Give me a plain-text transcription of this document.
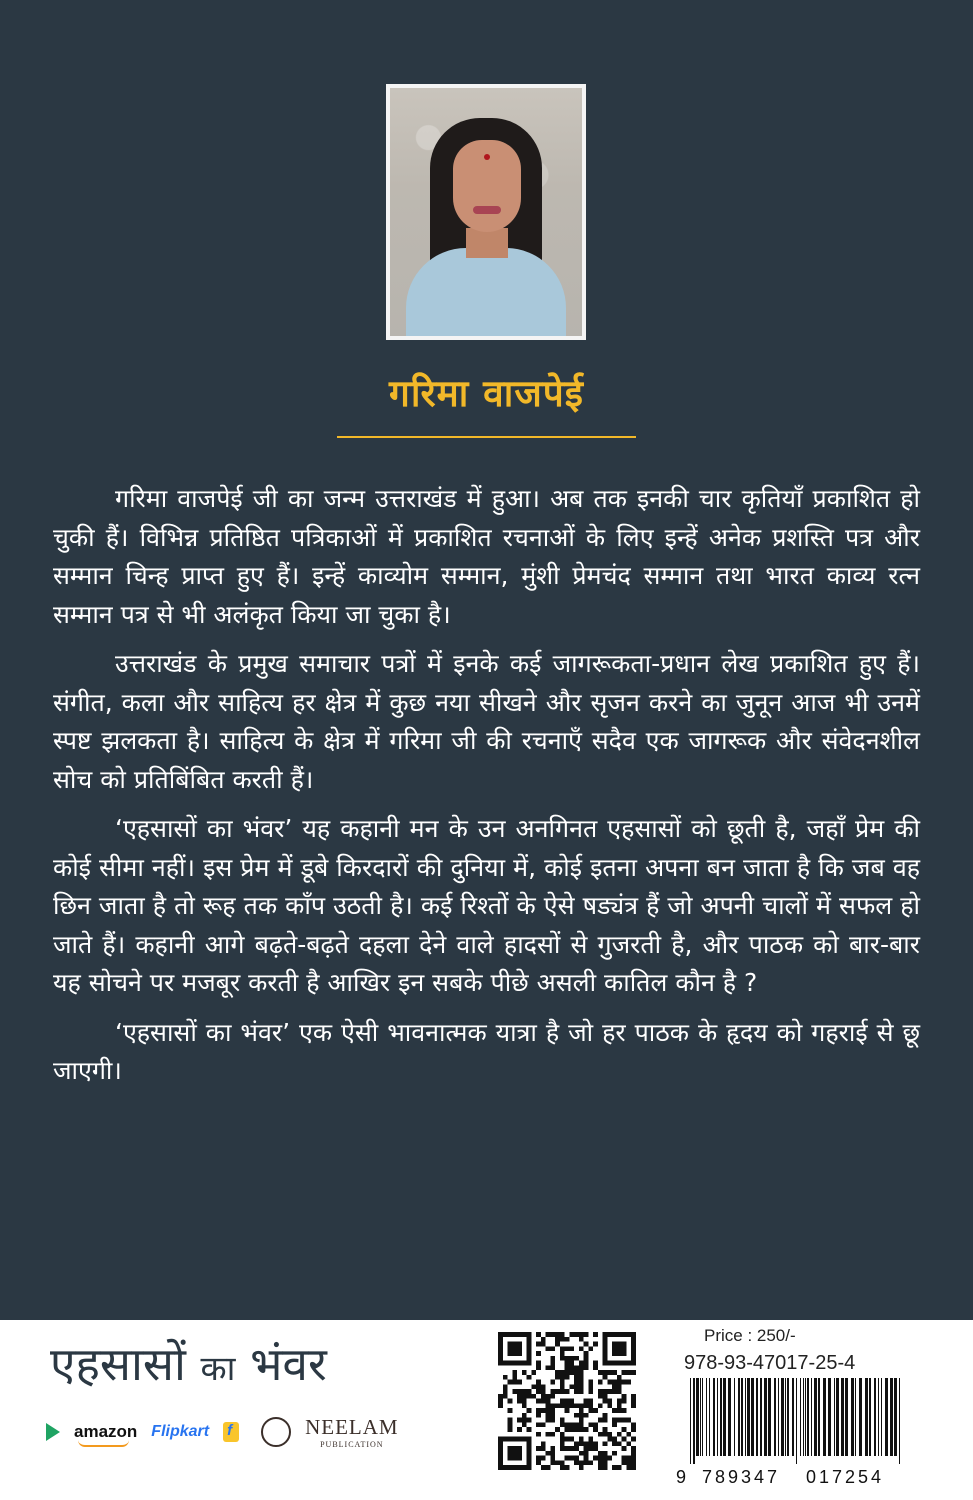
गरिमा वाजपेई

गरिमा वाजपेई जी का जन्म उत्तराखंड में हुआ। अब तक इनकी चार कृतियाँ प्रकाशित हो चुकी हैं। विभिन्न प्रतिष्ठित पत्रिकाओं में प्रकाशित रचनाओं के लिए इन्हें अनेक प्रशस्ति पत्र और सम्मान चिन्ह प्राप्त हुए हैं। इन्हें काव्योम सम्मान, मुंशी प्रेमचंद सम्मान तथा भारत काव्य रत्न सम्मान पत्र से भी अलंकृत किया जा चुका है।

उत्तराखंड के प्रमुख समाचार पत्रों में इनके कई जागरूकता-प्रधान लेख प्रकाशित हुए हैं। संगीत, कला और साहित्य हर क्षेत्र में कुछ नया सीखने और सृजन करने का जुनून आज भी उनमें स्पष्ट झलकता है। साहित्य के क्षेत्र में गरिमा जी की रचनाएँ सदैव एक जागरूक और संवेदनशील सोच को प्रतिबिंबित करती हैं।

‘एहसासों का भंवर’ यह कहानी मन के उन अनगिनत एहसासों को छूती है, जहाँ प्रेम की कोई सीमा नहीं। इस प्रेम में डूबे किरदारों की दुनिया में, कोई इतना अपना बन जाता है कि जब वह छिन जाता है तो रूह तक काँप उठती है। कई रिश्तों के ऐसे षड्यंत्र हैं जो अपनी चालों में सफल हो जाते हैं। कहानी आगे बढ़ते-बढ़ते दहला देने वाले हादसों से गुजरती है, और पाठक को बार-बार यह सोचने पर मजबूर करती है आखिर इन सबके पीछे असली कातिल कौन है ?

‘एहसासों का भंवर’ एक ऐसी भावनात्मक यात्रा है जो हर पाठक के हृदय को गहराई से छू जाएगी।

एहसासों का भंवर
amazon Flipkart
f	NEELAM
PUBLICATION
Price : 250/-
978-93-47017-25-4
9 789347	017254
